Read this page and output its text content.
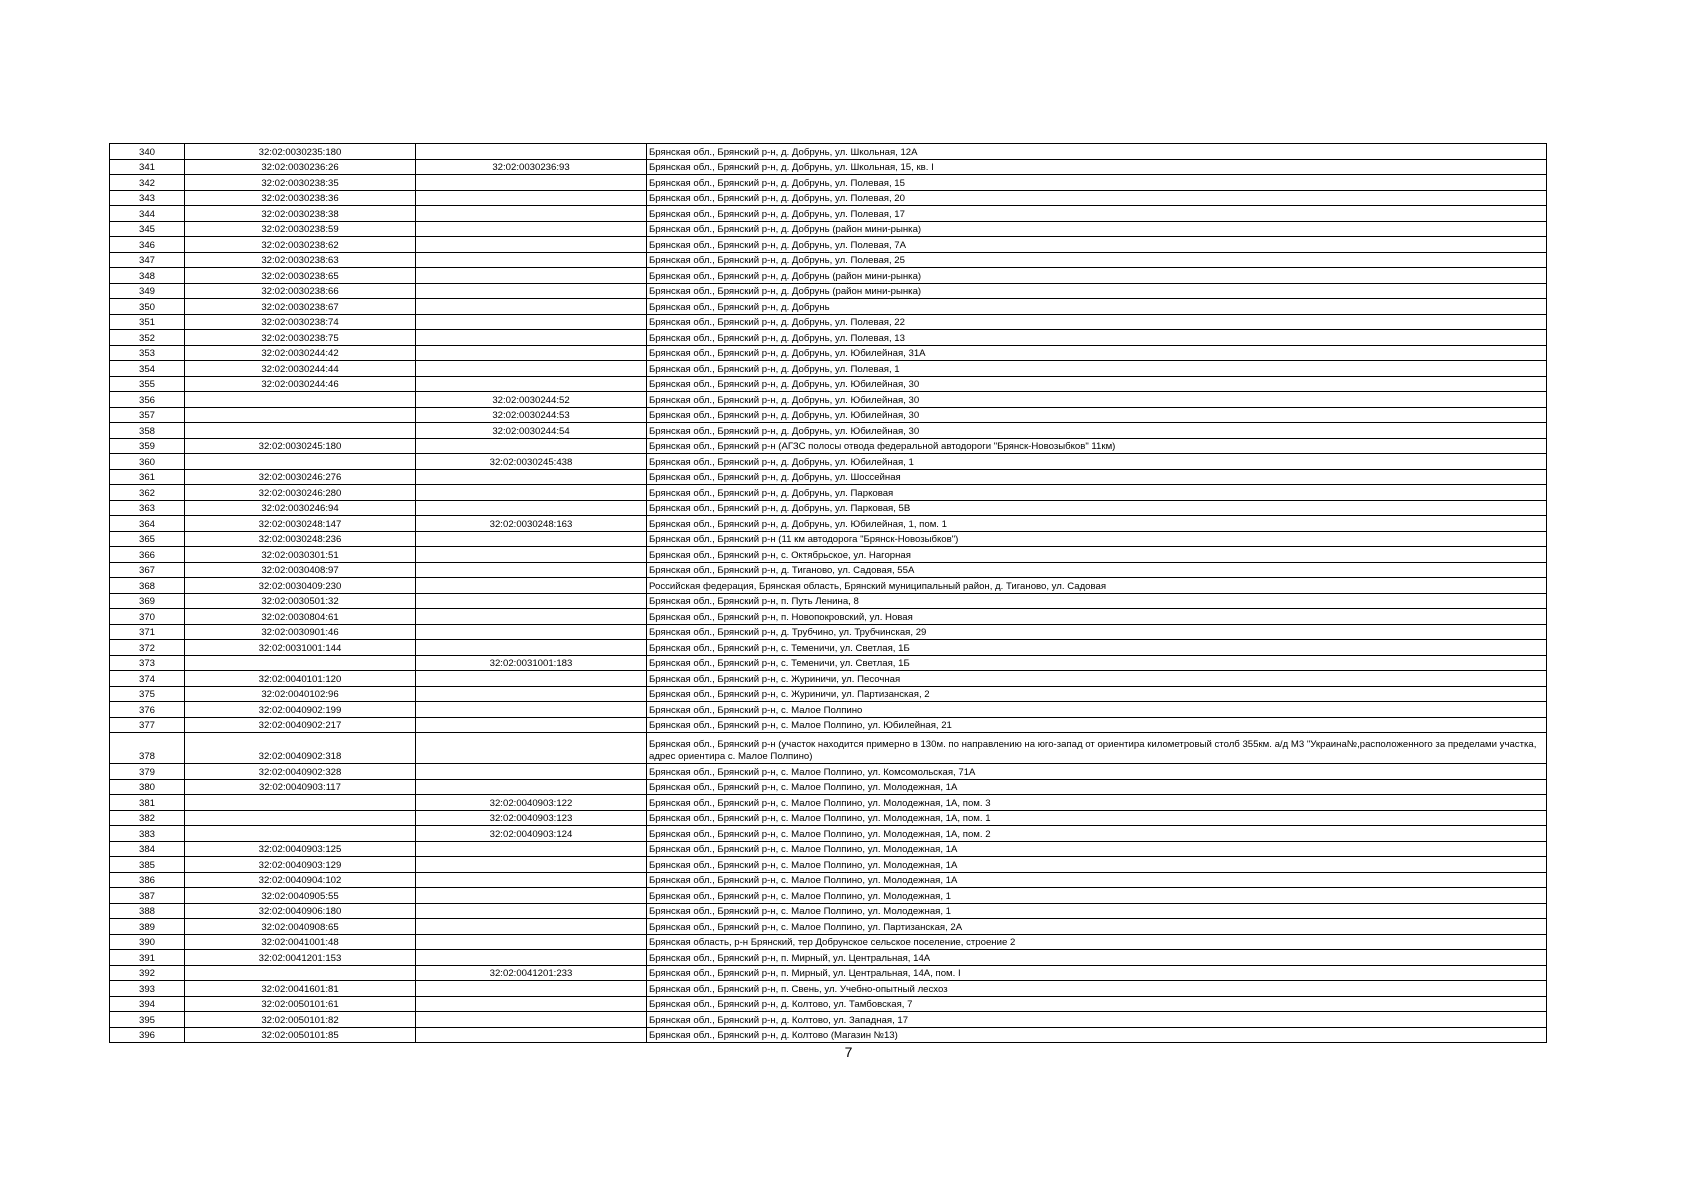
340	32:02:0030235:180		Брянская обл., Брянский р-н, д. Добрунь, ул. Школьная, 12А
341	32:02:0030236:26	32:02:0030236:93	Брянская обл., Брянский р-н, д. Добрунь, ул. Школьная, 15, кв. I
342	32:02:0030238:35		Брянская обл., Брянский р-н, д. Добрунь, ул. Полевая, 15
343	32:02:0030238:36		Брянская обл., Брянский р-н, д. Добрунь, ул. Полевая, 20
344	32:02:0030238:38		Брянская обл., Брянский р-н, д. Добрунь, ул. Полевая, 17
345	32:02:0030238:59		Брянская обл., Брянский р-н, д. Добрунь (район мини-рынка)
346	32:02:0030238:62		Брянская обл., Брянский р-н, д. Добрунь, ул. Полевая, 7А
347	32:02:0030238:63		Брянская обл., Брянский р-н, д. Добрунь, ул. Полевая, 25
348	32:02:0030238:65		Брянская обл., Брянский р-н, д. Добрунь (район мини-рынка)
349	32:02:0030238:66		Брянская обл., Брянский р-н, д. Добрунь (район мини-рынка)
350	32:02:0030238:67		Брянская обл., Брянский р-н, д. Добрунь
351	32:02:0030238:74		Брянская обл., Брянский р-н, д. Добрунь, ул. Полевая, 22
352	32:02:0030238:75		Брянская обл., Брянский р-н, д. Добрунь, ул. Полевая, 13
353	32:02:0030244:42		Брянская обл., Брянский р-н, д. Добрунь, ул. Юбилейная, 31А
354	32:02:0030244:44		Брянская обл., Брянский р-н, д. Добрунь, ул. Полевая, 1
355	32:02:0030244:46		Брянская обл., Брянский р-н, д. Добрунь, ул. Юбилейная, 30
356		32:02:0030244:52	Брянская обл., Брянский р-н, д. Добрунь, ул. Юбилейная, 30
357		32:02:0030244:53	Брянская обл., Брянский р-н, д. Добрунь, ул. Юбилейная, 30
358		32:02:0030244:54	Брянская обл., Брянский р-н, д. Добрунь, ул. Юбилейная, 30
359	32:02:0030245:180		Брянская обл., Брянский р-н (АГЗС полосы отвода федеральной автодороги "Брянск-Новозыбков" 11км)
360		32:02:0030245:438	Брянская обл., Брянский р-н, д. Добрунь, ул. Юбилейная, 1
361	32:02:0030246:276		Брянская обл., Брянский р-н, д. Добрунь, ул. Шоссейная
362	32:02:0030246:280		Брянская обл., Брянский р-н, д. Добрунь, ул. Парковая
363	32:02:0030246:94		Брянская обл., Брянский р-н, д. Добрунь, ул. Парковая, 5В
364	32:02:0030248:147	32:02:0030248:163	Брянская обл., Брянский р-н, д. Добрунь, ул. Юбилейная, 1, пом. 1
365	32:02:0030248:236		Брянская обл., Брянский р-н (11 км автодорога "Брянск-Новозыбков")
366	32:02:0030301:51		Брянская обл., Брянский р-н, с. Октябрьское, ул. Нагорная
367	32:02:0030408:97		Брянская обл., Брянский р-н, д. Тиганово, ул. Садовая, 55А
368	32:02:0030409:230		Российская федерация, Брянская область, Брянский муниципальный район, д. Тиганово, ул. Садовая
369	32:02:0030501:32		Брянская обл., Брянский р-н, п. Путь Ленина, 8
370	32:02:0030804:61		Брянская обл., Брянский р-н, п. Новопокровский, ул. Новая
371	32:02:0030901:46		Брянская обл., Брянский р-н, д. Трубчино, ул. Трубчинская, 29
372	32:02:0031001:144		Брянская обл., Брянский р-н, с. Теменичи, ул. Светлая, 1Б
373		32:02:0031001:183	Брянская обл., Брянский р-н, с. Теменичи, ул. Светлая, 1Б
374	32:02:0040101:120		Брянская обл., Брянский р-н, с. Журиничи, ул. Песочная
375	32:02:0040102:96		Брянская обл., Брянский р-н, с. Журиничи, ул. Партизанская, 2
376	32:02:0040902:199		Брянская обл., Брянский р-н, с. Малое Полпино
377	32:02:0040902:217		Брянская обл., Брянский р-н, с. Малое Полпино, ул. Юбилейная, 21
378	32:02:0040902:318		Брянская обл., Брянский р-н (участок находится примерно в 130м. по направлению на юго-запад от ориентира километровый столб 355км. а/д М3 "Украина№,расположенного за пределами участка, адрес ориентира с. Малое Полпино)
379	32:02:0040902:328		Брянская обл., Брянский р-н, с. Малое Полпино, ул. Комсомольская, 71А
380	32:02:0040903:117		Брянская обл., Брянский р-н, с. Малое Полпино, ул. Молодежная, 1А
381		32:02:0040903:122	Брянская обл., Брянский р-н, с. Малое Полпино, ул. Молодежная, 1А, пом. 3
382		32:02:0040903:123	Брянская обл., Брянский р-н, с. Малое Полпино, ул. Молодежная, 1А, пом. 1
383		32:02:0040903:124	Брянская обл., Брянский р-н, с. Малое Полпино, ул. Молодежная, 1А, пом. 2
384	32:02:0040903:125		Брянская обл., Брянский р-н, с. Малое Полпино, ул. Молодежная, 1А
385	32:02:0040903:129		Брянская обл., Брянский р-н, с. Малое Полпино, ул. Молодежная, 1А
386	32:02:0040904:102		Брянская обл., Брянский р-н, с. Малое Полпино, ул. Молодежная, 1А
387	32:02:0040905:55		Брянская обл., Брянский р-н, с. Малое Полпино, ул. Молодежная, 1
388	32:02:0040906:180		Брянская обл., Брянский р-н, с. Малое Полпино, ул. Молодежная, 1
389	32:02:0040908:65		Брянская обл., Брянский р-н, с. Малое Полпино, ул. Партизанская, 2А
390	32:02:0041001:48		Брянская область, р-н Брянский, тер Добрунское сельское поселение, строение 2
391	32:02:0041201:153		Брянская обл., Брянский р-н, п. Мирный, ул. Центральная, 14А
392		32:02:0041201:233	Брянская обл., Брянский р-н, п. Мирный, ул. Центральная, 14А, пом. I
393	32:02:0041601:81		Брянская обл., Брянский р-н, п. Свень, ул. Учебно-опытный лесхоз
394	32:02:0050101:61		Брянская обл., Брянский р-н, д. Колтово, ул. Тамбовская, 7
395	32:02:0050101:82		Брянская обл., Брянский р-н, д. Колтово, ул. Западная, 17
396	32:02:0050101:85		Брянская обл., Брянский р-н, д. Колтово (Магазин №13)
7
